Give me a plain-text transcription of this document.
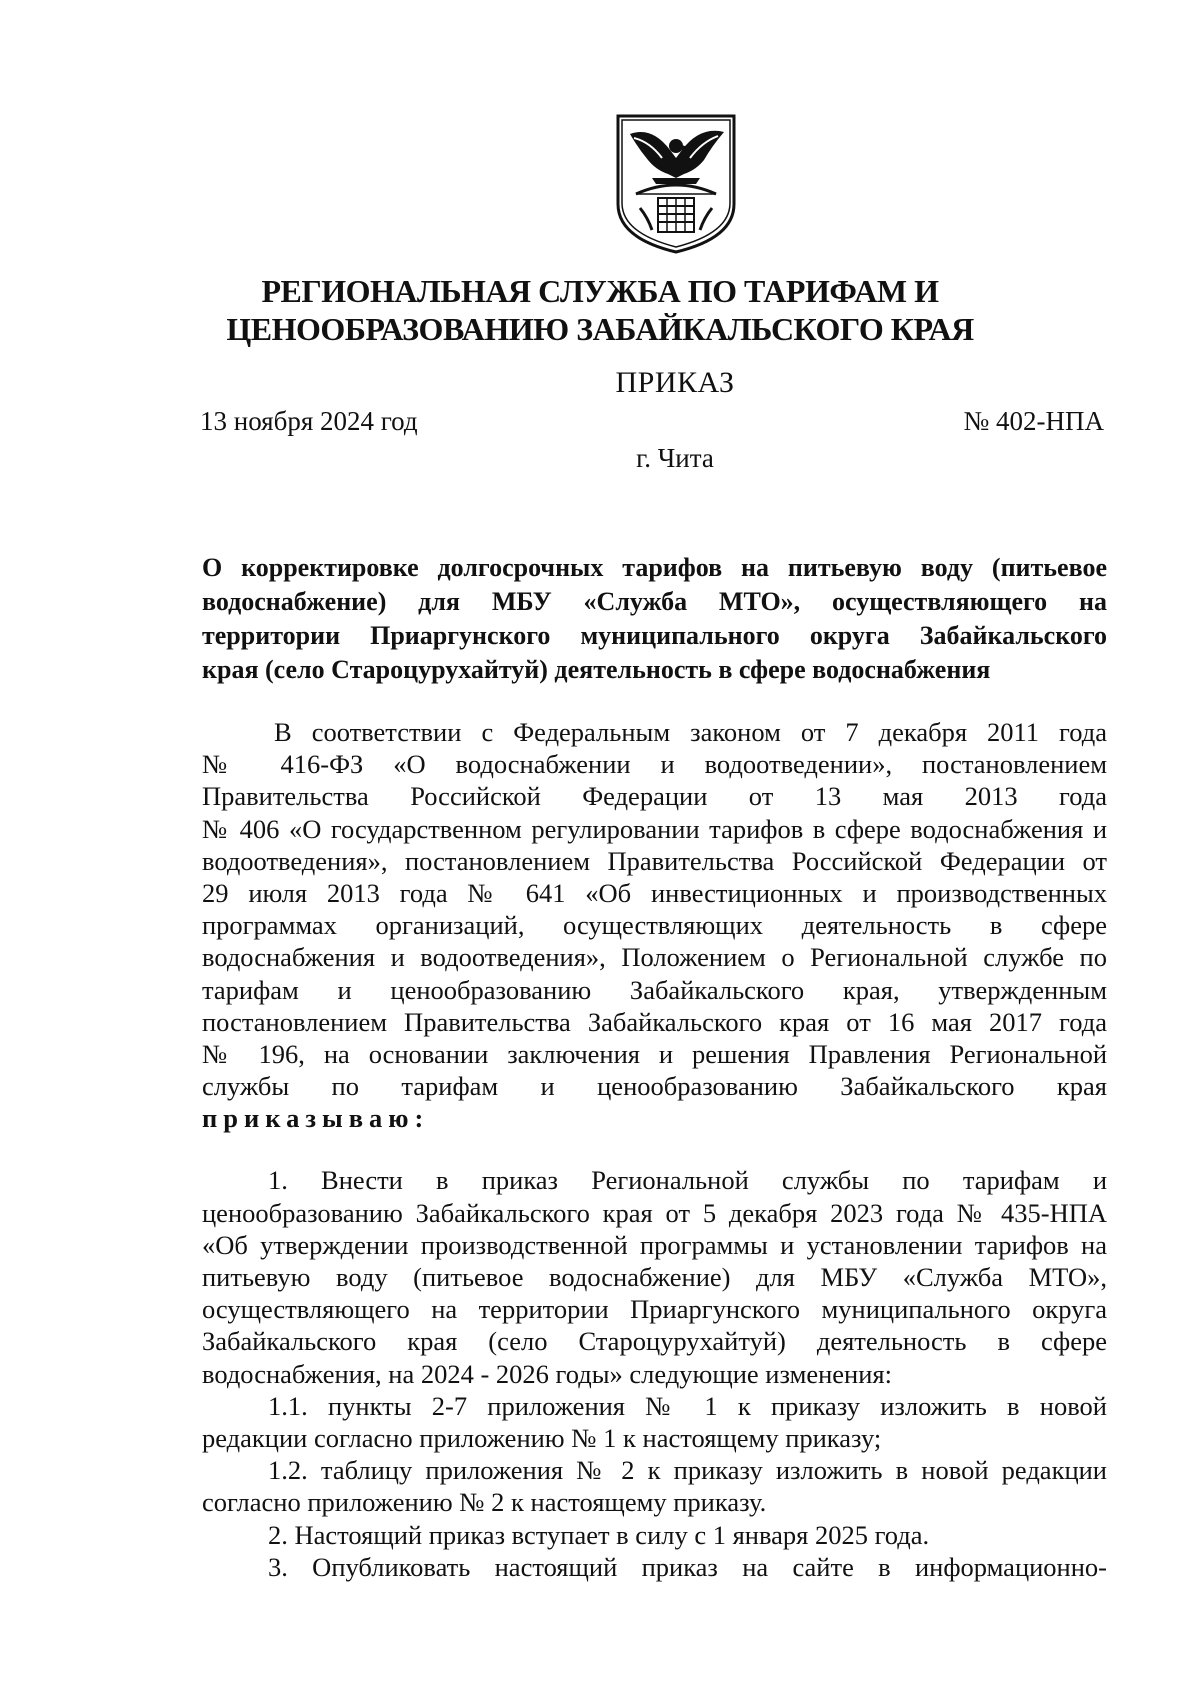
РЕГИОНАЛЬНАЯ СЛУЖБА ПО ТАРИФАМ И
ЦЕНООБРАЗОВАНИЮ ЗАБАЙКАЛЬСКОГО КРАЯ
ПРИКАЗ
13 ноября 2024 год	№ 402-НПА
г. Чита
О корректировке долгосрочных тарифов на питьевую воду (питьевое
водоснабжение) для МБУ «Служба МТО», осуществляющего на
территории Приаргунского муниципального округа Забайкальского
края (село Староцурухайтуй) деятельность в сфере водоснабжения
В соответствии с Федеральным законом от 7 декабря 2011 года
№ 416-ФЗ «О водоснабжении и водоотведении», постановлением
Правительства Российской Федерации от 13 мая 2013 года
№ 406 «О государственном регулировании тарифов в сфере водоснабжения и
водоотведения», постановлением Правительства Российской Федерации от
29 июля 2013 года № 641 «Об инвестиционных и производственных
программах организаций, осуществляющих деятельность в сфере
водоснабжения и водоотведения», Положением о Региональной службе по
тарифам и ценообразованию Забайкальского края, утвержденным
постановлением Правительства Забайкальского края от 16 мая 2017 года
№ 196, на основании заключения и решения Правления Региональной
службы по тарифам и ценообразованию Забайкальского края
приказываю:
1. Внести в приказ Региональной службы по тарифам и
ценообразованию Забайкальского края от 5 декабря 2023 года № 435-НПА
«Об утверждении производственной программы и установлении тарифов на
питьевую воду (питьевое водоснабжение) для МБУ «Служба МТО»,
осуществляющего на территории Приаргунского муниципального округа
Забайкальского края (село Староцурухайтуй) деятельность в сфере
водоснабжения, на 2024 - 2026 годы» следующие изменения:
1.1. пункты 2-7 приложения № 1 к приказу изложить в новой
редакции согласно приложению № 1 к настоящему приказу;
1.2. таблицу приложения № 2 к приказу изложить в новой редакции
согласно приложению № 2 к настоящему приказу.
2. Настоящий приказ вступает в силу с 1 января 2025 года.
3. Опубликовать настоящий приказ на сайте в информационно-
